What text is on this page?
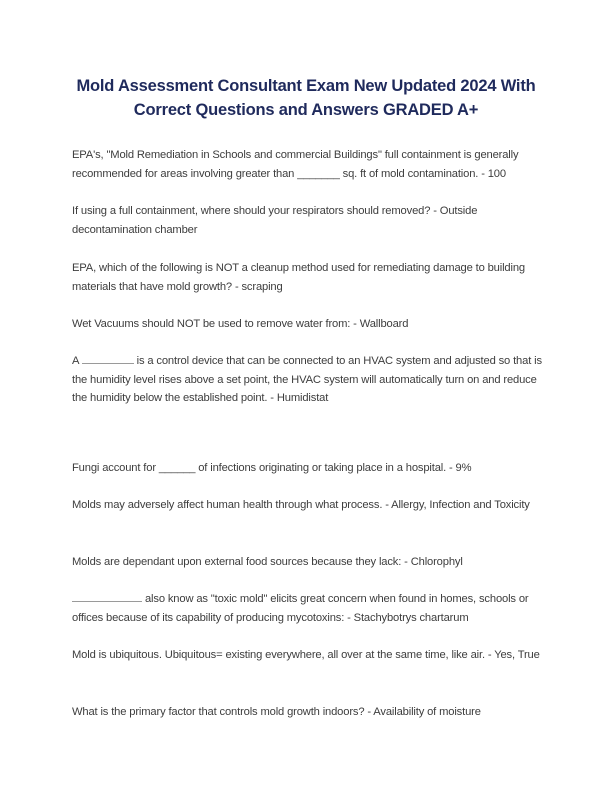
Mold Assessment Consultant Exam New Updated 2024 With Correct Questions and Answers GRADED A+

EPA's, "Mold Remediation in Schools and commercial Buildings" full containment is generally recommended for areas involving greater than _______ sq. ft of mold contamination. - 100

If using a full containment, where should your respirators should removed? - Outside decontamination chamber

EPA, which of the following is NOT a cleanup method used for remediating damage to building materials that have mold growth? - scraping

Wet Vacuums should NOT be used to remove water from: - Wallboard

A	is a control device that can be connected to an HVAC system and adjusted so that is the humidity level rises above a set point, the HVAC system will automatically turn on and reduce the humidity below the established point. - Humidistat

Fungi account for ______ of infections originating or taking place in a hospital. - 9%

Molds may adversely affect human health through what process. - Allergy, Infection and Toxicity

Molds are dependant upon external food sources because they lack: - Chlorophyl

also know as "toxic mold" elicits great concern when found in homes, schools or offices because of its capability of producing mycotoxins: - Stachybotrys chartarum

Mold is ubiquitous. Ubiquitous= existing everywhere, all over at the same time, like air. - Yes, True

What is the primary factor that controls mold growth indoors? - Availability of moisture
